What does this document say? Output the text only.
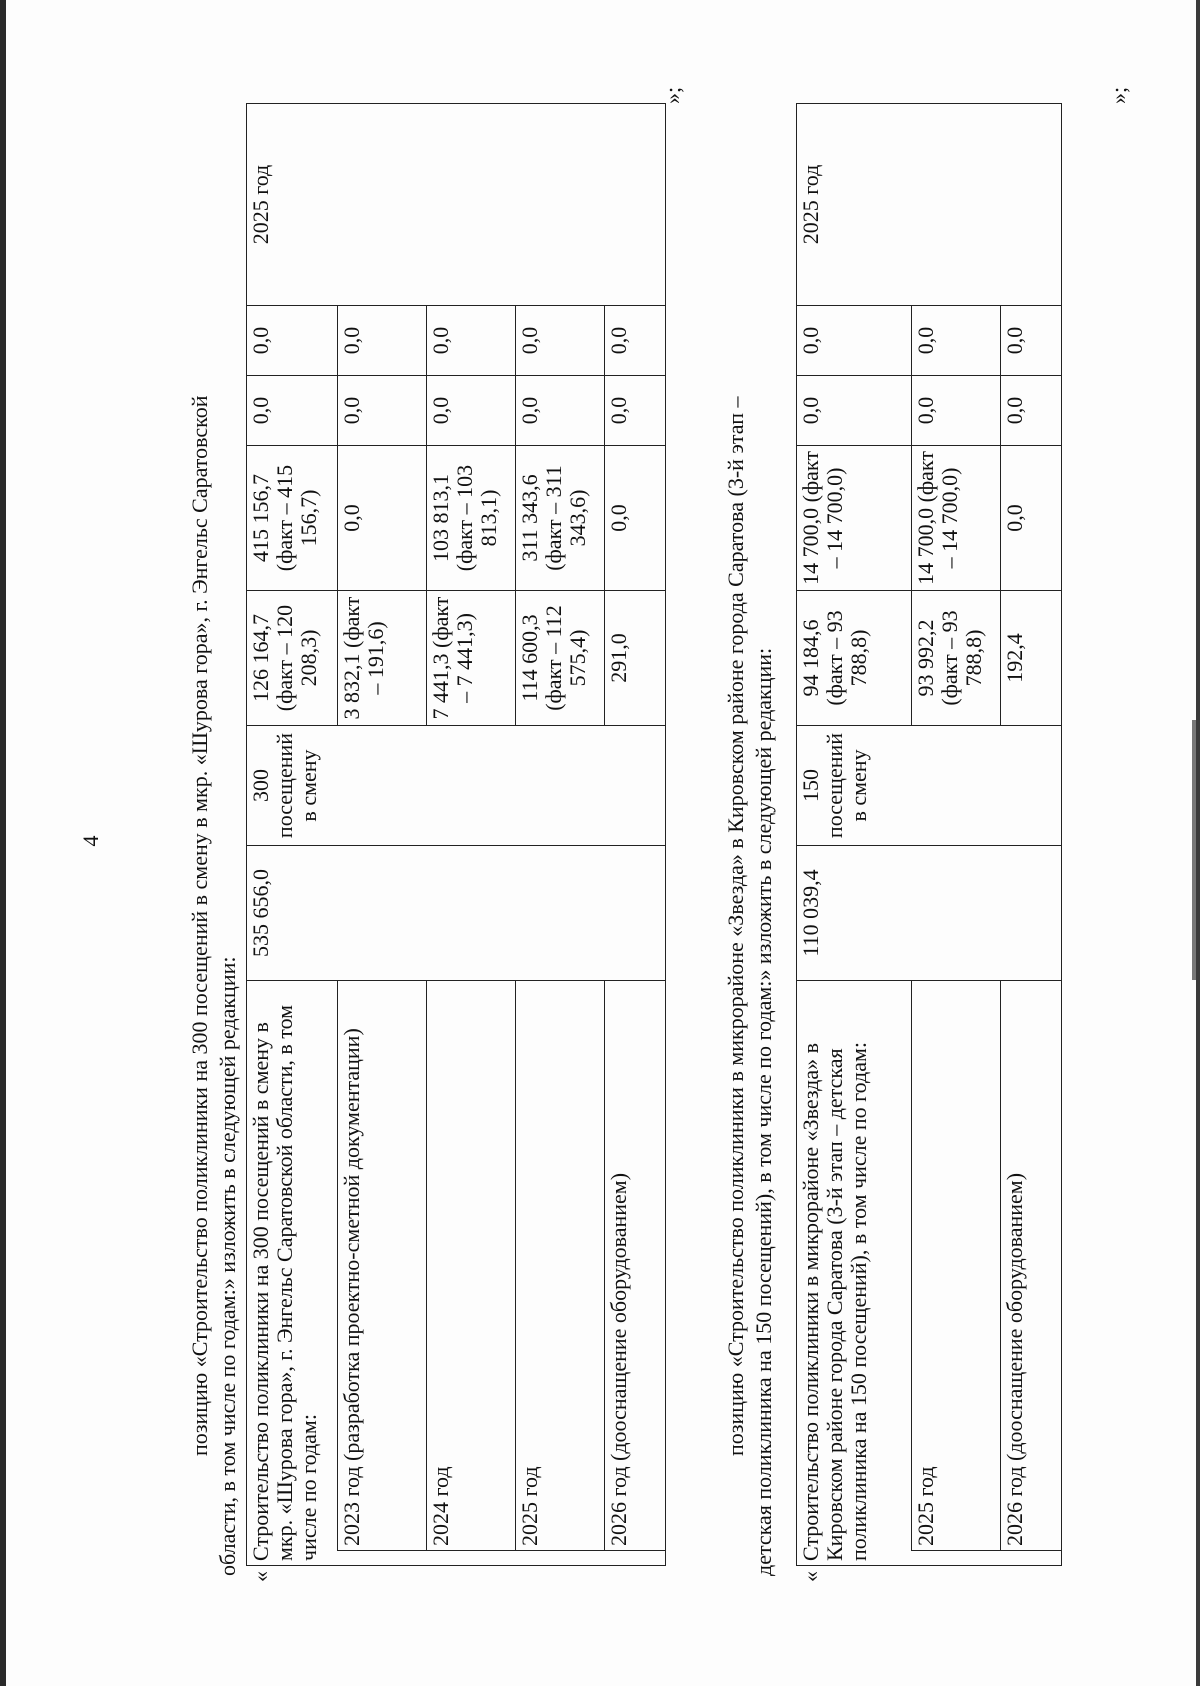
4	позицию «Строительство поликлиники на 300 посещений в смену в мкр. «Шурова гора», г. Энгельс Саратовской области, в том числе по годам:» изложить в следующей редакции:
«
Строительство поликлиники на 300 посещений в смену в мкр. «Шурова гора», г. Энгельс Саратовской области, в том числе по годам:		535 656,0	300 посещений в смену	126 164,7 (факт – 120 208,3)	415 156,7 (факт – 415 156,7)	0,0	0,0	2025 год
	2023 год (разработка проектно-сметной документации)			3 832,1 (факт – 191,6)	0,0	0,0	0,0	
	2024 год			7 441,3 (факт – 7 441,3)	103 813,1 (факт – 103 813,1)	0,0	0,0	
	2025 год			114 600,3 (факт – 112 575,4)	311 343,6 (факт – 311 343,6)	0,0	0,0	
	2026 год (дооснащение оборудованием)			291,0	0,0	0,0	0,0	
»;
позицию «Строительство поликлиники в микрорайоне «Звезда» в Кировском районе города Саратова (3-й этап – детская поликлиника на 150 посещений), в том числе по годам:» изложить в следующей редакции:
«
Строительство поликлиники в микрорайоне «Звезда» в Кировском районе города Саратова (3-й этап – детская поликлиника на 150 посещений), в том числе по годам:		110 039,4	150 посещений в смену	94 184,6 (факт – 93 788,8)	14 700,0 (факт – 14 700,0)	0,0	0,0	2025 год
	2025 год			93 992,2 (факт – 93 788,8)	14 700,0 (факт – 14 700,0)	0,0	0,0	
	2026 год (дооснащение оборудованием)			192,4	0,0	0,0	0,0	
»;
